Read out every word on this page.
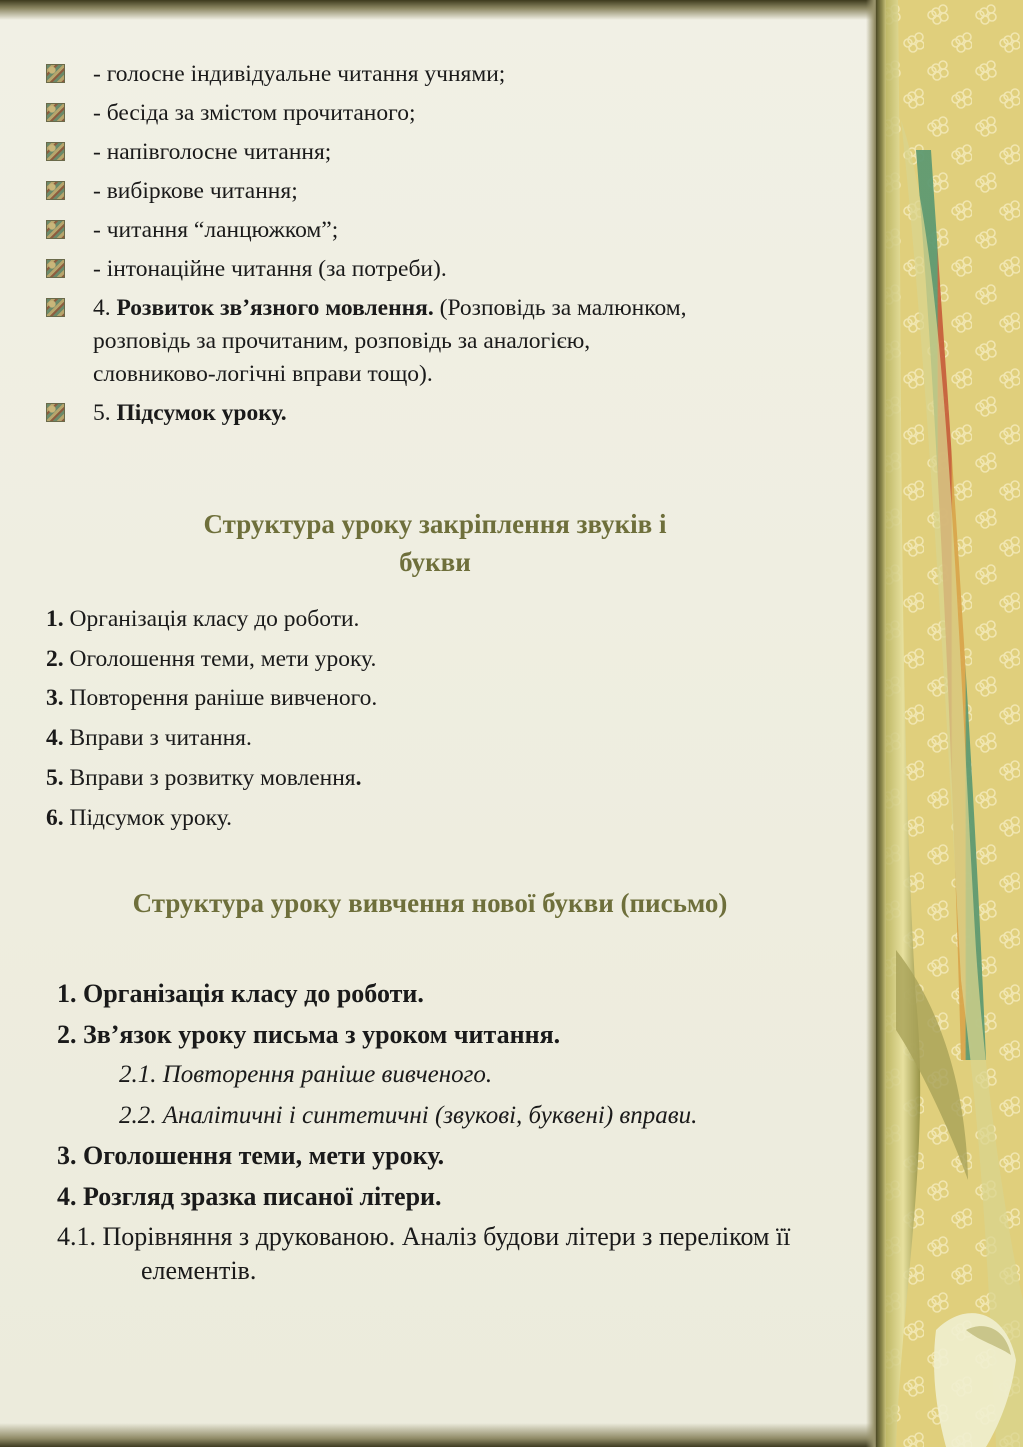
- голосне індивідуальне читання учнями;
- бесіда за змістом прочитаного;
- напівголосне читання;
- вибіркове читання;
- читання “ланцюжком”;
- інтонаційне читання (за потреби).
4. Розвиток зв’язного мовлення. (Розповідь за малюнком, розповідь за прочитаним, розповідь за аналогією, словниково-логічні вправи тощо).
5. Підсумок уроку.
Структура уроку закріплення звуків і
букви
1. Організація класу до роботи.
2. Оголошення теми, мети уроку.
3. Повторення раніше вивченого.
4. Вправи з читання.
5. Вправи з розвитку мовлення.
6. Підсумок уроку.
Структура уроку вивчення нової букви (письмо)
1. Організація класу до роботи.
2. Зв’язок уроку письма з уроком читання.
2.1. Повторення раніше вивченого.
2.2. Аналітичні і синтетичні (звукові, буквені) вправи.
3. Оголошення теми, мети уроку.
4. Розгляд зразка писаної літери.
4.1. Порівняння з друкованою. Аналіз будови літери з переліком її елементів.
